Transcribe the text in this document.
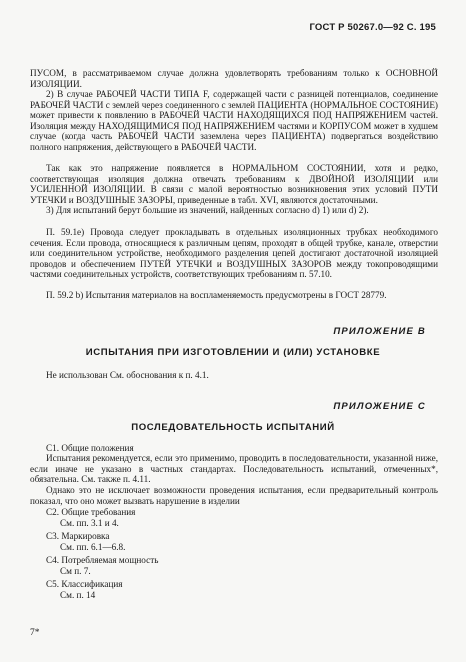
ГОСТ Р 50267.0—92 С. 195
ПУСОМ, в рассматриваемом случае должна удовлетворять требованиям только к ОСНОВНОЙ ИЗОЛЯЦИИ.
2) В случае РАБОЧЕЙ ЧАСТИ ТИПА F, содержащей части с разницей потенциалов, соединение РАБОЧЕЙ ЧАСТИ с землей через соединенного с землей ПАЦИЕНТА (НОРМАЛЬНОЕ СОСТОЯНИЕ) может привести к появлению в РАБОЧЕЙ ЧАСТИ НАХОДЯЩИХСЯ ПОД НАПРЯЖЕНИЕМ частей. Изоляция между НАХОДЯЩИМИСЯ ПОД НАПРЯЖЕНИЕМ частями и КОРПУСОМ может в худшем случае (когда часть РАБОЧЕЙ ЧАСТИ заземлена через ПАЦИЕНТА) подвергаться воздействию полного напряжения, действующего в РАБОЧЕЙ ЧАСТИ.
Так как это напряжение появляется в НОРМАЛЬНОМ СОСТОЯНИИ, хотя и редко, соответствующая изоляция должна отвечать требованиям к ДВОЙНОЙ ИЗОЛЯЦИИ или УСИЛЕННОЙ ИЗОЛЯЦИИ. В связи с малой вероятностью возникновения этих условий ПУТИ УТЕЧКИ и ВОЗДУШНЫЕ ЗАЗОРЫ, приведенные в табл. XVI, являются достаточными.
3) Для испытаний берут большие из значений, найденных согласно d) 1) или d) 2).
П. 59.1e) Провода следует прокладывать в отдельных изоляционных трубках необходимого сечения. Если провода, относящиеся к различным цепям, проходят в общей трубке, канале, отверстии или соединительном устройстве, необходимого разделения цепей достигают достаточной изоляцией проводов и обеспечением ПУТЕЙ УТЕЧКИ и ВОЗДУШНЫХ ЗАЗОРОВ между токопроводящими частями соединительных устройств, соответствующих требованиям п. 57.10.
П. 59.2 b) Испытания материалов на воспламеняемость предусмотрены в ГОСТ 28779.
ПРИЛОЖЕНИЕ В
ИСПЫТАНИЯ ПРИ ИЗГОТОВЛЕНИИ И (ИЛИ) УСТАНОВКЕ
Не использован См. обоснования к п. 4.1.
ПРИЛОЖЕНИЕ С
ПОСЛЕДОВАТЕЛЬНОСТЬ ИСПЫТАНИЙ
С1. Общие положения
Испытания рекомендуется, если это применимо, проводить в последовательности, указанной ниже, если иначе не указано в частных стандартах. Последовательность испытаний, отмеченных*, обязательна. См. также п. 4.11.
Однако это не исключает возможности проведения испытания, если предварительный контроль показал, что оно может вызвать нарушение в изделии
С2. Общие требования
См. пп. 3.1 и 4.
С3. Маркировка
См. пп. 6.1—6.8.
С4. Потребляемая мощность
См п. 7.
С5. Классификация
См. п. 14
7*
